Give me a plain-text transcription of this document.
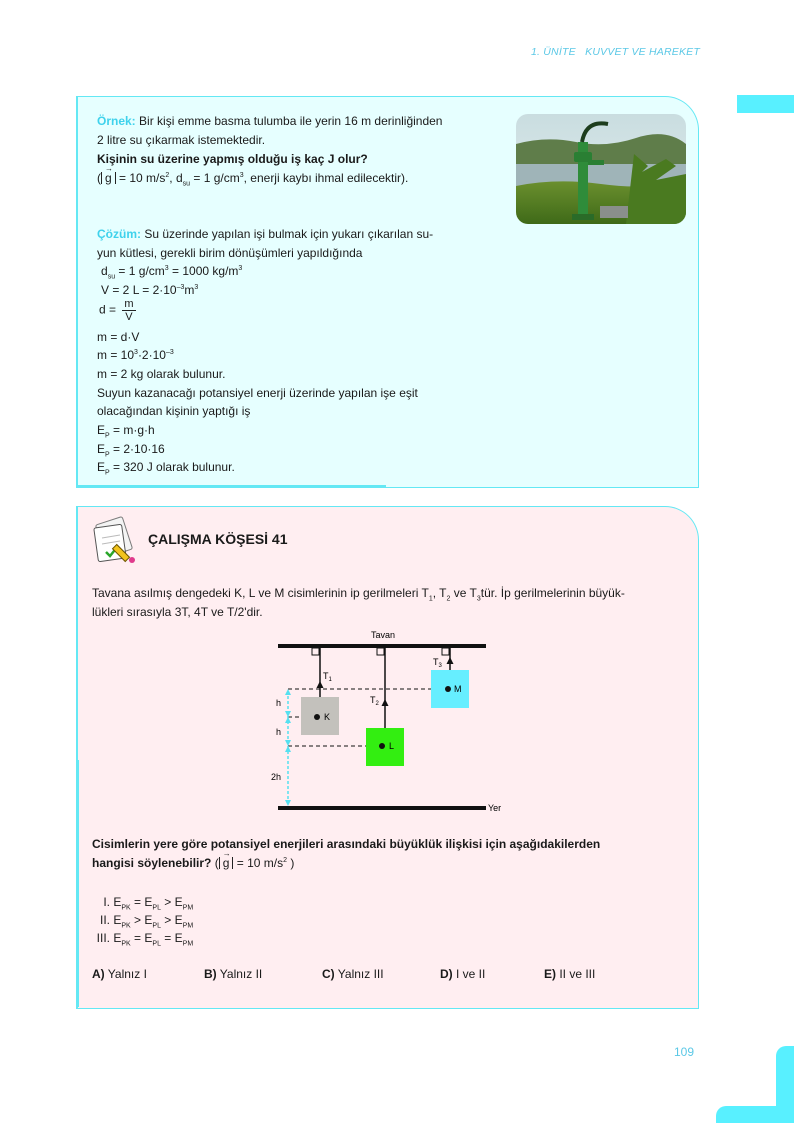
1. ÜNİTE KUVVET VE HAREKET
Örnek: Bir kişi emme basma tulumba ile yerin 16 m derinliğinden
2 litre su çıkarmak istemektedir.
Kişinin su üzerine yapmış olduğu iş kaç J olur?
( → g = 10 $m/s^2$, $d_{su} = 1$ $g/cm^3$, enerji kaybı ihmal edilecektir).
Çözüm: Su üzerinde yapılan işi bulmak için yukarı çıkarılan su-
yun kütlesi, gerekli birim dönüşümleri yapıldığında
$d_{su} = 1$ $g/cm^3 = 1000$ $kg/m^3$
V = 2 $L = 2\cdot 10^{-3}m^3$
$d = \frac{m}{V}$
m = d·V
$m = 10^3\cdot 2\cdot 10^{-3}$
m = 2 kg olarak bulunur.
Suyun kazanacağı potansiyel enerji üzerinde yapılan işe eşit
olacağından kişinin yaptığı iş
$E_P = m\cdot g\cdot h$
$E_P = 2\cdot 10\cdot 16$
$E_P = 320$ J olarak bulunur.
ÇALIŞMA KÖŞESİ 41
Tavana asılmış dengedeki K, L ve M cisimlerinin ip gerilmeleri $T_1$, $T_2$ ve $T_3tür$. İp gerilmelerinin büyük-
lükleri sırasıyla 3T, 4T ve T/2'dir.
Tavan
Yer
$T_1$
$T_2$
$T_3$
K
L
M
h
h
2h
Cisimlerin yere göre potansiyel enerjileri arasındaki büyüklük ilişkisi için aşağıdakilerden
hangisi söylenebilir? ( → g = 10 $m/s^2$ )
I. $E_{PK} = E_{PL} > E_{PM}$
II. $E_{PK} > E_{PL} > E_{PM}$
III. $E_{PK} = E_{PL} = E_{PM}$
A) Yalnız I	B) Yalnız II	C) Yalnız III	D) I ve II	E) II ve III
109
